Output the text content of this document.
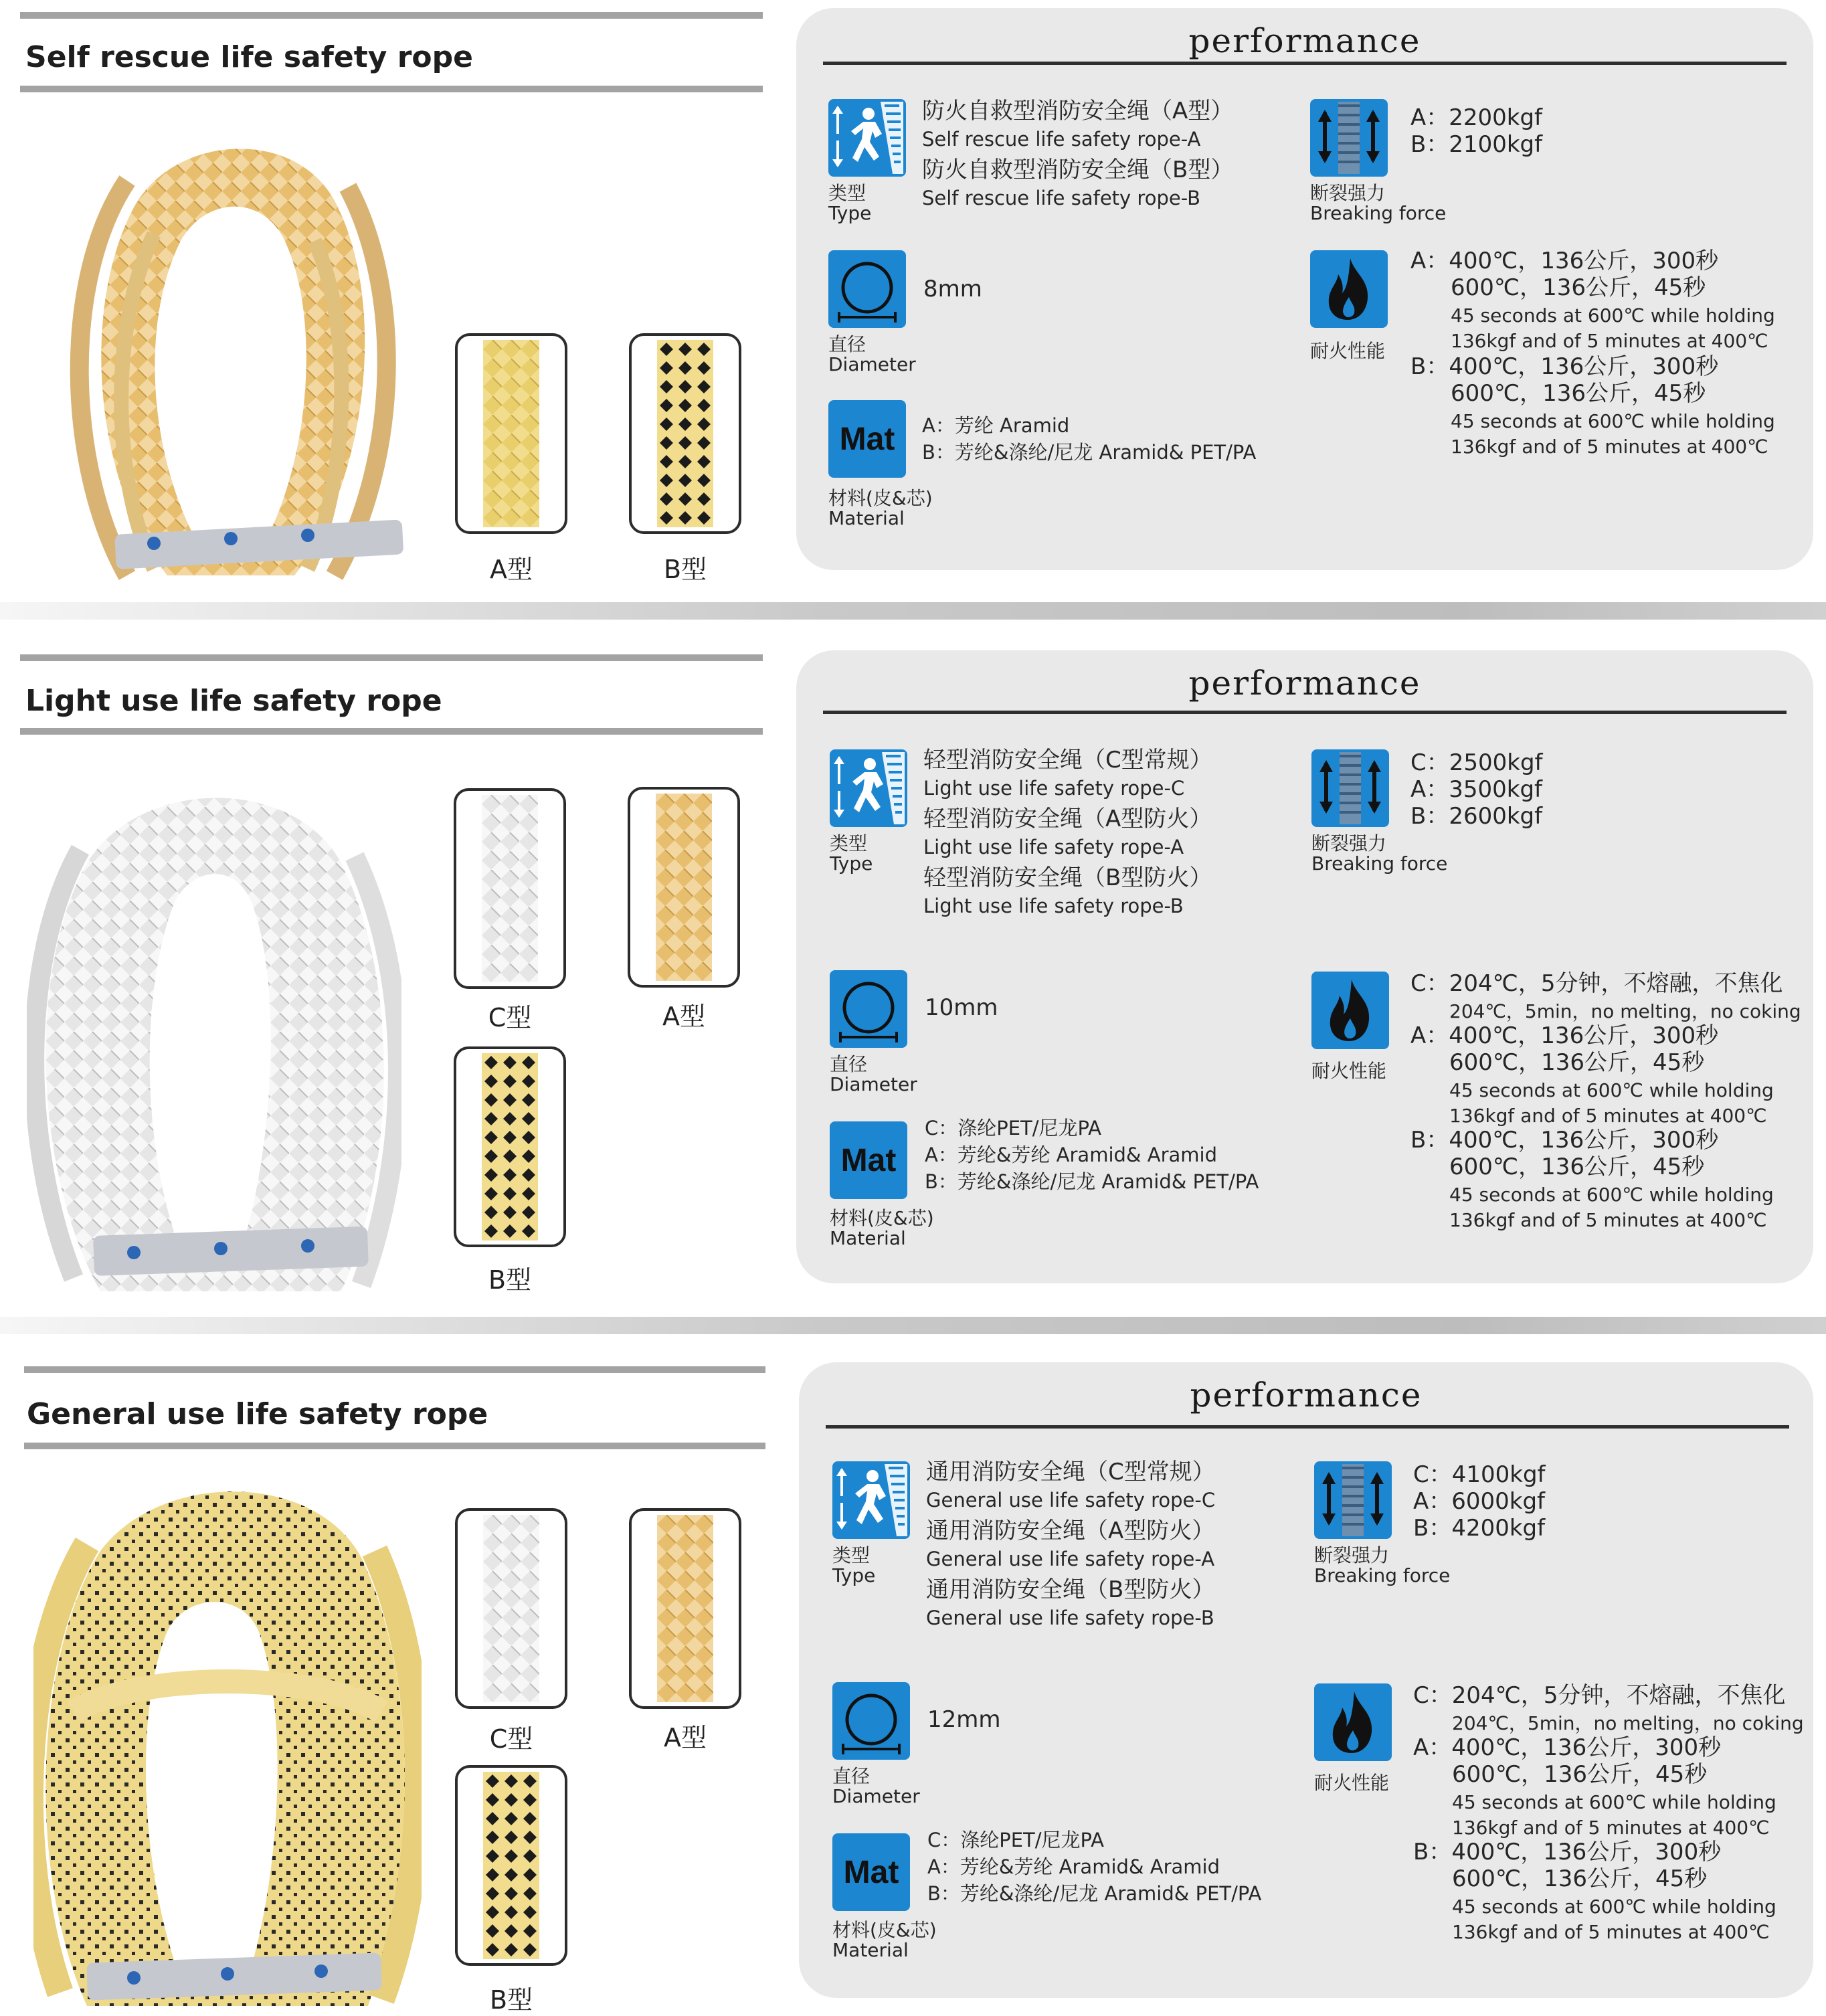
Self rescue life safety rope
A型	B型
performance
类型
Type
防火自救型消防安全绳（A型）
Self rescue life safety rope-A
防火自救型消防安全绳（B型）
Self rescue life safety rope-B
直径
Diameter
8mm
材料(皮&芯)
Material
A：芳纶 Aramid
B：芳纶&涤纶/尼龙 Aramid& PET/PA
断裂强力
Breaking force
A：2200kgf
B：2100kgf
耐火性能
A：400℃，136公斤，300秒
600℃，136公斤，45秒
45 seconds at 600℃ while holding
136kgf and of 5 minutes at 400℃
B：400℃，136公斤，300秒
600℃，136公斤，45秒
45 seconds at 600℃ while holding
136kgf and of 5 minutes at 400℃
Light use life safety rope
C型	A型
B型
performance
类型
Type
轻型消防安全绳（C型常规）
Light use life safety rope-C
轻型消防安全绳（A型防火）
Light use life safety rope-A
轻型消防安全绳（B型防火）
Light use life safety rope-B
直径
Diameter
10mm
材料(皮&芯)
Material
C：涤纶PET/尼龙PA
A：芳纶&芳纶 Aramid& Aramid
B：芳纶&涤纶/尼龙 Aramid& PET/PA
断裂强力
Breaking force
C：2500kgf
A：3500kgf
B：2600kgf
耐火性能
C：204℃，5分钟，不熔融，不焦化
204℃，5min，no melting，no coking
A：400℃，136公斤，300秒
600℃，136公斤，45秒
45 seconds at 600℃ while holding
136kgf and of 5 minutes at 400℃
B：400℃，136公斤，300秒
600℃，136公斤，45秒
45 seconds at 600℃ while holding
136kgf and of 5 minutes at 400℃
General use life safety rope
C型	A型
B型
performance
类型
Type
通用消防安全绳（C型常规）
General use life safety rope-C
通用消防安全绳（A型防火）
General use life safety rope-A
通用消防安全绳（B型防火）
General use life safety rope-B
直径
Diameter
12mm
材料(皮&芯)
Material
C：涤纶PET/尼龙PA
A：芳纶&芳纶 Aramid& Aramid
B：芳纶&涤纶/尼龙 Aramid& PET/PA
断裂强力
Breaking force
C：4100kgf
A：6000kgf
B：4200kgf
耐火性能
C：204℃，5分钟，不熔融，不焦化
204℃，5min，no melting，no coking
A：400℃，136公斤，300秒
600℃，136公斤，45秒
45 seconds at 600℃ while holding
136kgf and of 5 minutes at 400℃
B：400℃，136公斤，300秒
600℃，136公斤，45秒
45 seconds at 600℃ while holding
136kgf and of 5 minutes at 400℃
